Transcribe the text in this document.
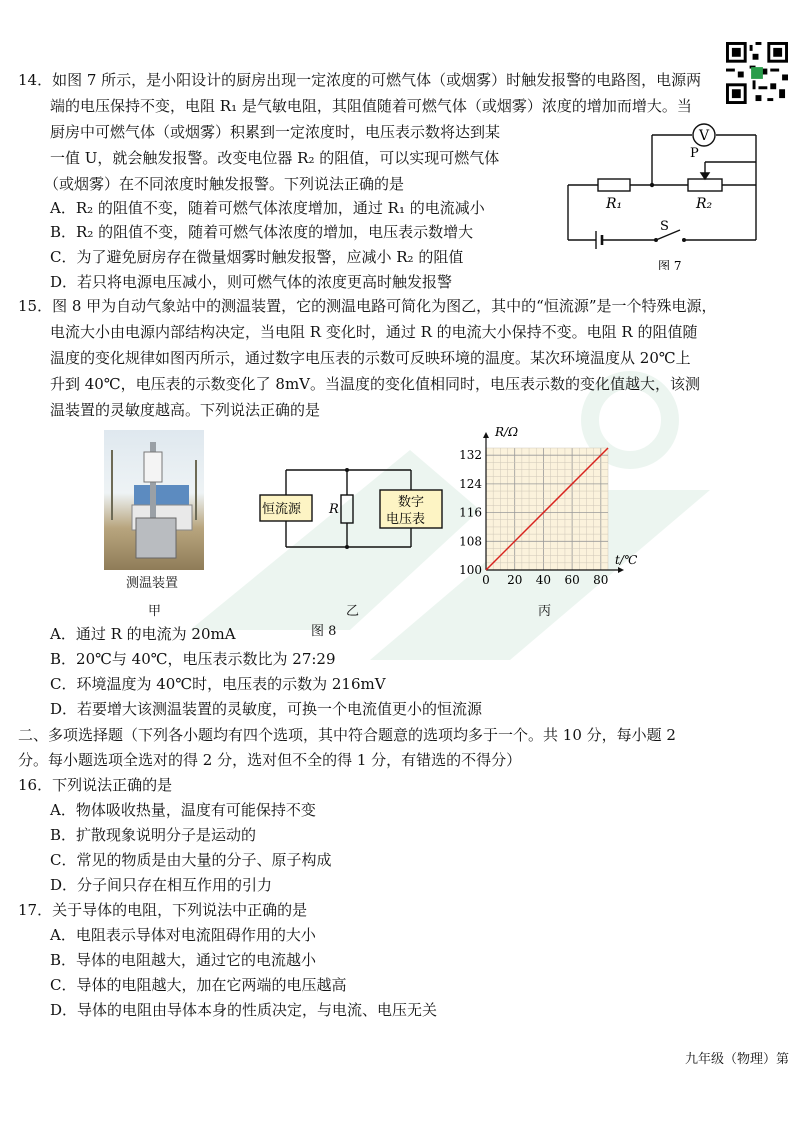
14．如图 7 所示，是小阳设计的厨房出现一定浓度的可燃气体（或烟雾）时触发报警的电路图，电源两
端的电压保持不变，电阻 R₁ 是气敏电阻，其阻值随着可燃气体（或烟雾）浓度的增加而增大。当
厨房中可燃气体（或烟雾）积累到一定浓度时，电压表示数将达到某
一值 U，就会触发报警。改变电位器 R₂ 的阻值，可以实现可燃气体
（或烟雾）在不同浓度时触发报警。下列说法正确的是
A．R₂ 的阻值不变，随着可燃气体浓度增加，通过 R₁ 的电流减小
B．R₂ 的阻值不变，随着可燃气体浓度的增加，电压表示数增大
C．为了避免厨房存在微量烟雾时触发报警，应减小 R₂ 的阻值
D．若只将电源电压减小，则可燃气体的浓度更高时触发报警
V
P
R₁	R₂
S
图 7
15．图 8 甲为自动气象站中的测温装置，它的测温电路可简化为图乙，其中的“恒流源”是一个特殊电源，
电流大小由电源内部结构决定，当电阻 R 变化时，通过 R 的电流大小保持不变。电阻 R 的阻值随
温度的变化规律如图丙所示，通过数字电压表的示数可反映环境的温度。某次环境温度从 20℃上
升到 40℃，电压表的示数变化了 8mV。当温度的变化值相同时，电压表示数的变化值越大，该测
温装置的灵敏度越高。下列说法正确的是
测温装置
甲
恒流源 R	数字
电压表
乙
图 8
0 20 40 60 80
100
108
116
124
132
R/Ω
t/℃
丙
A．通过 R 的电流为 20mA
B．20℃与 40℃，电压表示数比为 27:29
C．环境温度为 40℃时，电压表的示数为 216mV
D．若要增大该测温装置的灵敏度，可换一个电流值更小的恒流源
二、多项选择题（下列各小题均有四个选项，其中符合题意的选项均多于一个。共 10 分，每小题 2
分。每小题选项全选对的得 2 分，选对但不全的得 1 分，有错选的不得分）
16．下列说法正确的是
A．物体吸收热量，温度有可能保持不变
B．扩散现象说明分子是运动的
C．常见的物质是由大量的分子、原子构成
D．分子间只存在相互作用的引力
17．关于导体的电阻，下列说法中正确的是
A．电阻表示导体对电流阻碍作用的大小
B．导体的电阻越大，通过它的电流越小
C．导体的电阻越大，加在它两端的电压越高
D．导体的电阻由导体本身的性质决定，与电流、电压无关
九年级（物理）第
